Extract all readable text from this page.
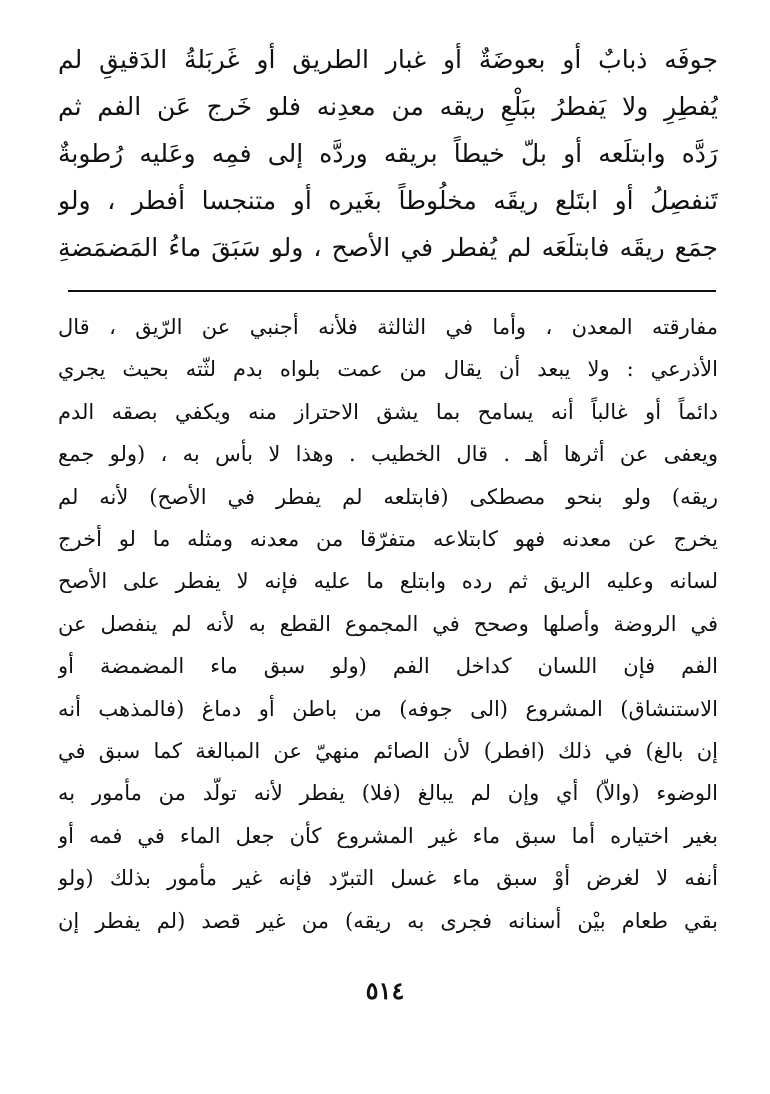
جوفَه ذبابٌ أو بعوضَةٌ أو غبار الطريق أو غَربَلةُ الدَقيقِ لم
يُفطِرِ ولا يَفطرُ ببَلْعِ ريقه من معدِنه فلو خَرج عَن الفم ثم
رَدَّه وابتلَعه أو بلّ خيطاً بريقه وردَّه إلى فمِه وعَليه رُطوبةٌ
تَنفصِلُ أو ابتَلع ريقَه مخلُوطاً بغَيره أو متنجسا أفطر ، ولو
جمَع ريقَه فابتلَعَه لم يُفطر في الأصح ، ولو سَبَقَ ماءُ المَضمَضةِ
مفارقته المعدن ، وأما في الثالثة فلأنه أجنبي عن الرّيق ، قال
الأذرعي : ولا يبعد أن يقال من عمت بلواه بدم لثّته بحيث يجري
دائماً أو غالباً أنه يسامح بما يشق الاحتراز منه ويكفي بصقه الدم
ويعفى عن أثرها أهـ . قال الخطيب . وهذا لا بأس به ، (ولو جمع
ريقه) ولو بنحو مصطكى (فابتلعه لم يفطر في الأصح) لأنه لم
يخرج عن معدنه فهو كابتلاعه متفرّقا من معدنه ومثله ما لو أخرج
لسانه وعليه الريق ثم رده وابتلع ما عليه فإنه لا يفطر على الأصح
في الروضة وأصلها وصحح في المجموع القطع به لأنه لم ينفصل عن
الفم فإن اللسان كداخل الفم (ولو سبق ماء المضمضة أو
الاستنشاق) المشروع (الى جوفه) من باطن أو دماغ (فالمذهب أنه
إن بالغ) في ذلك (افطر) لأن الصائم منهيّ عن المبالغة كما سبق في
الوضوء (والاّ) أي وإن لم يبالغ (فلا) يفطر لأنه تولّد من مأمور به
بغير اختياره أما سبق ماء غير المشروع كأن جعل الماء في فمه أو
أنفه لا لغرض أوْ سبق ماء غسل التبرّد فإنه غير مأمور بذلك (ولو
بقي طعام بيْن أسنانه فجرى به ريقه) من غير قصد (لم يفطر إن
٥١٤
